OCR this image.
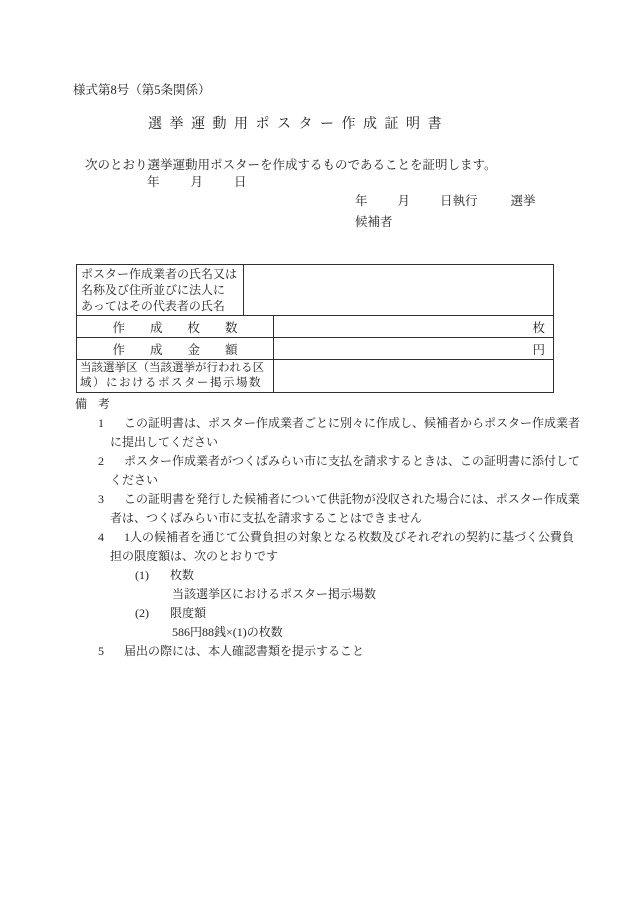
様式第8号（第5条関係）
選挙運動用ポスター作成証明書
次のとおり選挙運動用ポスターを作成するものであることを証明します。
年 月 日
年 月 日執行	選挙
候補者
ポスター作成業者の氏名又は
名称及び住所並びに法人に
あってはその代表者の氏名
作成枚数	枚
作成金額	円
当該選挙区（当該選挙が行われる区
域）におけるポスター掲示場数
備考
1 この証明書は、ポスター作成業者ごとに別々に作成し、候補者からポスター作成業者
に提出してください
2 ポスター作成業者がつくばみらい市に支払を請求するときは、この証明書に添付して
ください
3 この証明書を発行した候補者について供託物が没収された場合には、ポスター作成業
者は、つくばみらい市に支払を請求することはできません
4 1人の候補者を通じて公費負担の対象となる枚数及びそれぞれの契約に基づく公費負
担の限度額は、次のとおりです
(1) 枚数
当該選挙区におけるポスター掲示場数
(2) 限度額
586円88銭×(1)の枚数
5 届出の際には、本人確認書類を提示すること
